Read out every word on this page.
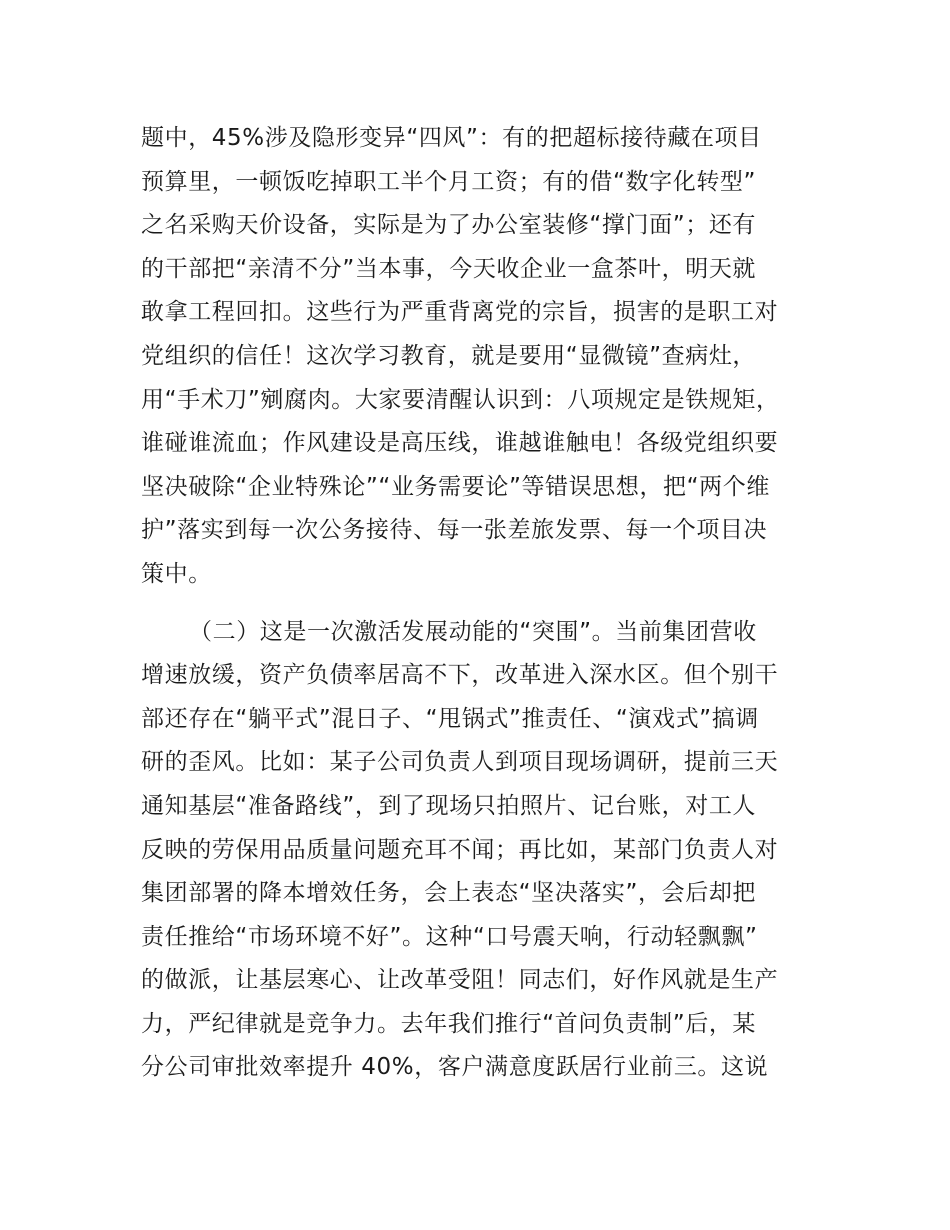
题中，45%涉及隐形变异“四风”：有的把超标接待藏在项目
预算里，一顿饭吃掉职工半个月工资；有的借“数字化转型”
之名采购天价设备，实际是为了办公室装修“撑门面”；还有
的干部把“亲清不分”当本事，今天收企业一盒茶叶，明天就
敢拿工程回扣。这些行为严重背离党的宗旨，损害的是职工对
党组织的信任！这次学习教育，就是要用“显微镜”查病灶，
用“手术刀”剜腐肉。大家要清醒认识到：八项规定是铁规矩，
谁碰谁流血；作风建设是高压线，谁越谁触电！各级党组织要
坚决破除“企业特殊论”“业务需要论”等错误思想，把“两个维
护”落实到每一次公务接待、每一张差旅发票、每一个项目决
策中。

（二）这是一次激活发展动能的“突围”。当前集团营收
增速放缓，资产负债率居高不下，改革进入深水区。但个别干
部还存在“躺平式”混日子、“甩锅式”推责任、“演戏式”搞调
研的歪风。比如：某子公司负责人到项目现场调研，提前三天
通知基层“准备路线”，到了现场只拍照片、记台账，对工人
反映的劳保用品质量问题充耳不闻；再比如，某部门负责人对
集团部署的降本增效任务，会上表态“坚决落实”，会后却把
责任推给“市场环境不好”。这种“口号震天响，行动轻飘飘”
的做派，让基层寒心、让改革受阻！同志们，好作风就是生产
力，严纪律就是竞争力。去年我们推行“首问负责制”后，某
分公司审批效率提升 40%，客户满意度跃居行业前三。这说
